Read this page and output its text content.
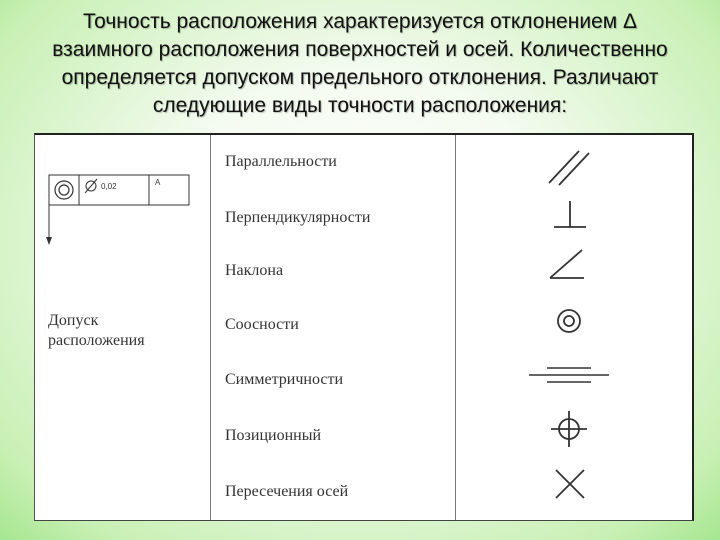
Точность расположения характеризуется отклонением Δ
взаимного расположения поверхностей и осей. Количественно
определяется допуском предельного отклонения. Различают
следующие виды точности расположения:
0,02	A
Допуск
расположения
Параллельности
Перпендикулярности
Наклона
Соосности
Симметричности
Позиционный
Пересечения осей
